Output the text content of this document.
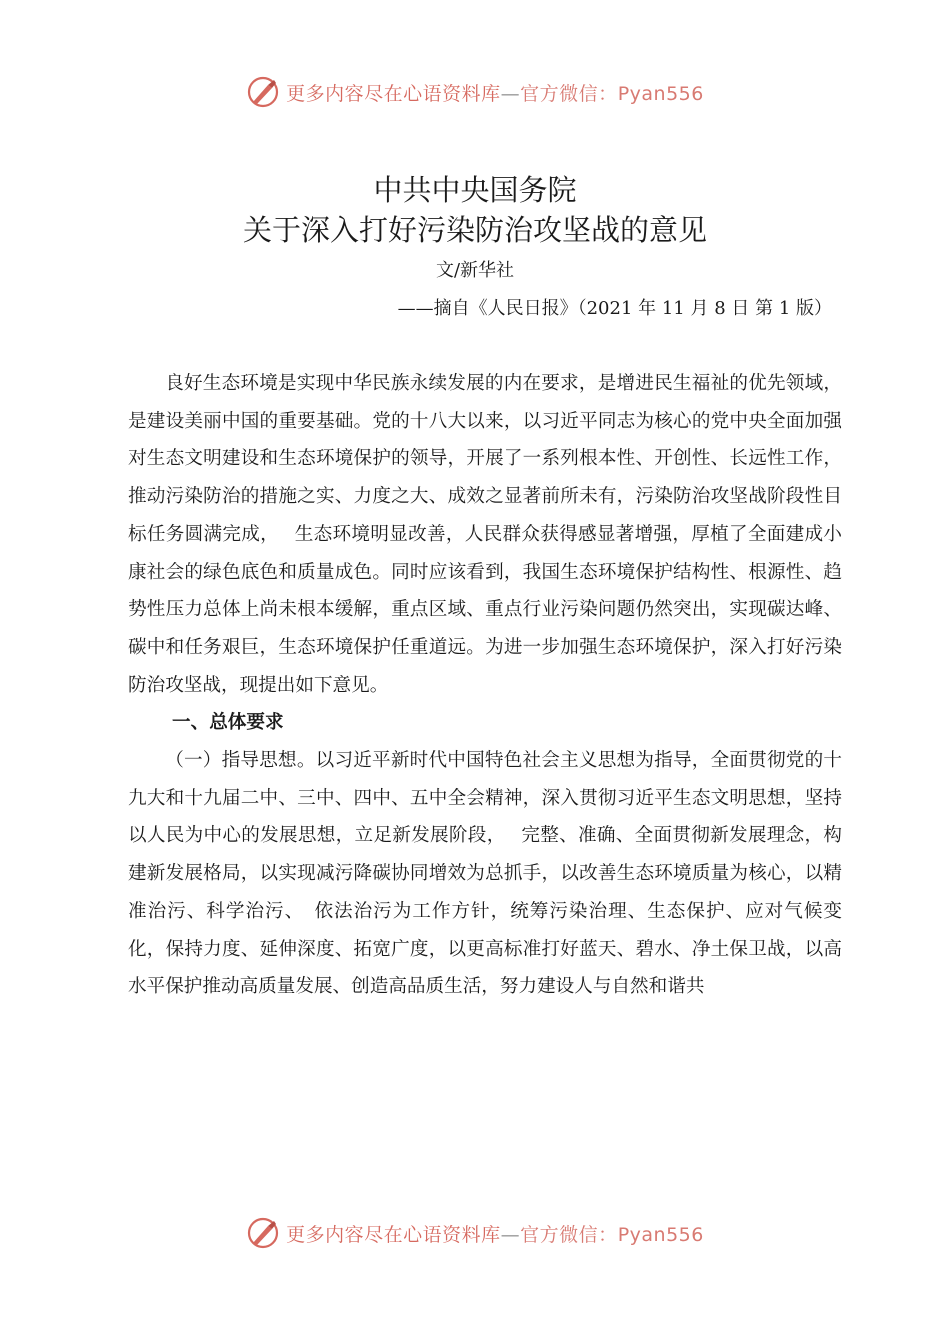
更多内容尽在心语资料库—官方微信：Pyan556
中共中央国务院
关于深入打好污染防治攻坚战的意见
文/新华社
——摘自《人民日报》（2021 年 11 月 8 日 第 1 版）

良好生态环境是实现中华民族永续发展的内在要求，是增进民生福祉的优先领域，是建设美丽中国的重要基础。党的十八大以来，以习近平同志为核心的党中央全面加强对生态文明建设和生态环境保护的领导，开展了一系列根本性、开创性、长远性工作，推动污染防治的措施之实、力度之大、成效之显著前所未有，污染防治攻坚战阶段性目标任务圆满完成，　 生态环境明显改善，人民群众获得感显著增强，厚植了全面建成小康社会的绿色底色和质量成色。同时应该看到，我国生态环境保护结构性、根源性、趋势性压力总体上尚未根本缓解，重点区域、重点行业污染问题仍然突出，实现碳达峰、碳中和任务艰巨，生态环境保护任重道远。为进一步加强生态环境保护，深入打好污染防治攻坚战，现提出如下意见。

一、总体要求

（一）指导思想。以习近平新时代中国特色社会主义思想为指导，全面贯彻党的十九大和十九届二中、三中、四中、五中全会精神，深入贯彻习近平生态文明思想，坚持以人民为中心的发展思想，立足新发展阶段，　 完整、准确、全面贯彻新发展理念，构建新发展格局，以实现减污降碳协同增效为总抓手，以改善生态环境质量为核心，以精准治污、科学治污、　依法治污为工作方针，统筹污染治理、生态保护、应对气候变化，保持力度、延伸深度、拓宽广度，以更高标准打好蓝天、碧水、净土保卫战，以高水平保护推动高质量发展、创造高品质生活，努力建设人与自然和谐共

更多内容尽在心语资料库—官方微信：Pyan556
